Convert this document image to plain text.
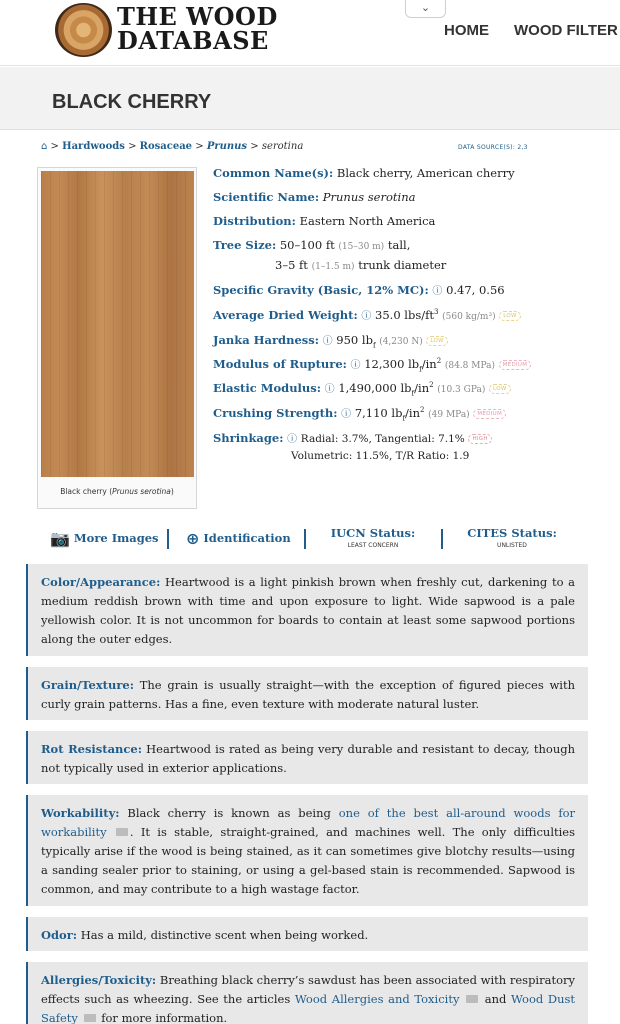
THE WOOD
DATABASE
⌄
HOME WOOD FILTER
BLACK CHERRY
⌂ > Hardwoods > Rosaceae > Prunus > serotina	DATA SOURCE(S): 2,3
Black cherry (Prunus serotina)
Common Name(s): Black cherry, American cherry
Scientific Name: Prunus serotina
Distribution: Eastern North America
Tree Size: 50–100 ft (15–30 m) tall,
3–5 ft (1–1.5 m) trunk diameter
Specific Gravity (Basic, 12% MC): ⓘ 0.47, 0.56
Average Dried Weight: ⓘ 35.0 lbs/$ft^3$ (560 kg/m³) LOW
Janka Hardness: ⓘ 950 $lb_f$ (4,230 N) LOW
Modulus of Rupture: ⓘ 12,300 $lb_f/in^2$ (84.8 MPa) MEDIUM
Elastic Modulus: ⓘ 1,490,000 $lb_f/in^2$ (10.3 GPa) LOW
Crushing Strength: ⓘ 7,110 $lb_f/in^2$ (49 MPa) MEDIUM
Shrinkage: ⓘ Radial: 3.7%, Tangential: 7.1% HIGH
Volumetric: 11.5%, T/R Ratio: 1.9
📷 More Images ⊕ Identification	IUCN Status:
LEAST CONCERN
CITES Status:
UNLISTED
Color/Appearance: Heartwood is a light pinkish brown when freshly cut, darkening to a medium reddish brown with time and upon exposure to light. Wide sapwood is a pale yellowish color. It is not uncommon for boards to contain at least some sapwood portions along the outer edges.
Grain/Texture: The grain is usually straight—with the exception of figured pieces with curly grain patterns. Has a fine, even texture with moderate natural luster.
Rot Resistance: Heartwood is rated as being very durable and resistant to decay, though not typically used in exterior applications.
Workability: Black cherry is known as being one of the best all-around woods for workability . It is stable, straight-grained, and machines well. The only difficulties typically arise if the wood is being stained, as it can sometimes give blotchy results—using a sanding sealer prior to staining, or using a gel-based stain is recommended. Sapwood is common, and may contribute to a high wastage factor.
Odor: Has a mild, distinctive scent when being worked.
Allergies/Toxicity: Breathing black cherry’s sawdust has been associated with respiratory effects such as wheezing. See the articles Wood Allergies and Toxicity and Wood Dust Safety for more information.
